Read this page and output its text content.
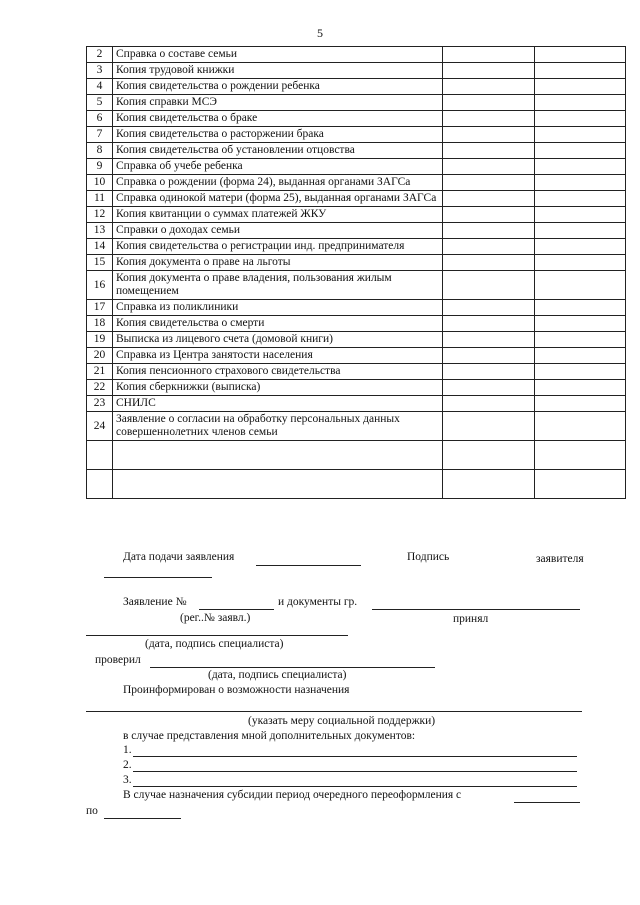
5
2	Справка о составе семьи		
3	Копия трудовой книжки		
4	Копия свидетельства о рождении ребенка		
5	Копия справки МСЭ		
6	Копия свидетельства о браке		
7	Копия свидетельства о расторжении брака		
8	Копия свидетельства об установлении отцовства		
9	Справка об учебе ребенка		
10	Справка о рождении (форма 24), выданная органами ЗАГСа		
11	Справка одинокой матери (форма 25), выданная органами ЗАГСа		
12	Копия квитанции о суммах платежей ЖКУ		
13	Справки о доходах семьи		
14	Копия свидетельства о регистрации инд. предпринимателя		
15	Копия документа о праве на льготы		
16	Копия документа о праве владения, пользования жилым помещением		
17	Справка из поликлиники		
18	Копия свидетельства о смерти		
19	Выписка из лицевого счета (домовой книги)		
20	Справка из Центра занятости населения		
21	Копия пенсионного страхового свидетельства		
22	Копия сберкнижки (выписка)		
23	СНИЛС		
24	Заявление о согласии на обработку персональных данных совершеннолетних членов семьи		

Дата подачи заявления	Подпись	заявителя
Заявление №	и документы гр.
(рег..№ заявл.)	принял
(дата, подпись специалиста)
проверил
(дата, подпись специалиста)
Проинформирован о возможности назначения
(указать меру социальной поддержки)
в случае представления мной дополнительных документов:
1.
2.
3.
В случае назначения субсидии период очередного переоформления с
по
